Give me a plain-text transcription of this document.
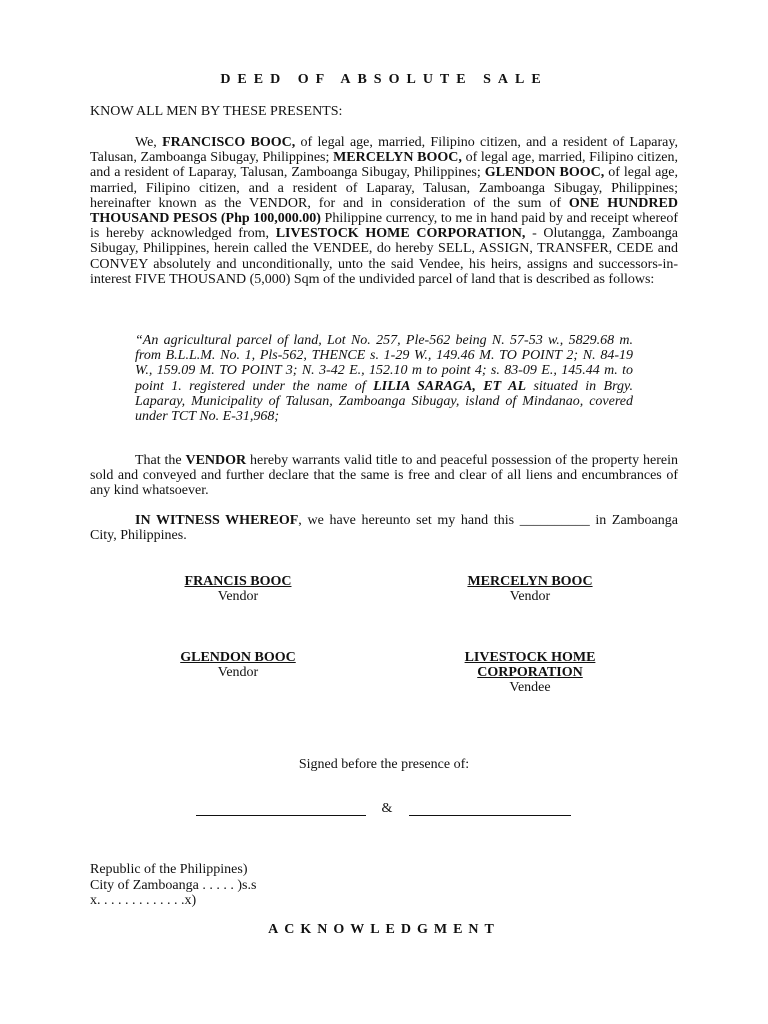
DEED OF ABSOLUTE SALE
KNOW ALL MEN BY THESE PRESENTS:
We, FRANCISCO BOOC, of legal age, married, Filipino citizen, and a resident of Laparay, Talusan, Zamboanga Sibugay, Philippines; MERCELYN BOOC, of legal age, married, Filipino citizen, and a resident of Laparay, Talusan, Zamboanga Sibugay, Philippines; GLENDON BOOC, of legal age, married, Filipino citizen, and a resident of Laparay, Talusan, Zamboanga Sibugay, Philippines; hereinafter known as the VENDOR, for and in consideration of the sum of ONE HUNDRED THOUSAND PESOS (Php 100,000.00) Philippine currency, to me in hand paid by and receipt whereof is hereby acknowledged from, LIVESTOCK HOME CORPORATION, - Olutangga, Zamboanga Sibugay, Philippines, herein called the VENDEE, do hereby SELL, ASSIGN, TRANSFER, CEDE and CONVEY absolutely and unconditionally, unto the said Vendee, his heirs, assigns and successors-in-interest FIVE THOUSAND (5,000) Sqm of the undivided parcel of land that is described as follows:
“An agricultural parcel of land, Lot No. 257, Ple-562 being N. 57-53 w., 5829.68 m. from B.L.L.M. No. 1, Pls-562, THENCE s. 1-29 W., 149.46 M. TO POINT 2; N. 84-19 W., 159.09 M. TO POINT 3; N. 3-42 E., 152.10 m to point 4; s. 83-09 E., 145.44 m. to point 1. registered under the name of LILIA SARAGA, ET AL situated in Brgy. Laparay, Municipality of Talusan, Zamboanga Sibugay, island of Mindanao, covered under TCT No. E-31,968;
That the VENDOR hereby warrants valid title to and peaceful possession of the property herein sold and conveyed and further declare that the same is free and clear of all liens and encumbrances of any kind whatsoever.
IN WITNESS WHEREOF, we have hereunto set my hand this __________ in Zamboanga City, Philippines.
FRANCIS BOOC
Vendor
MERCELYN BOOC
Vendor
GLENDON BOOC
Vendor
LIVESTOCK HOME
CORPORATION
Vendee
Signed before the presence of:
&
Republic of the Philippines)
City of Zamboanga . . . . . )s.s
x. . . . . . . . . . . . .x)
ACKNOWLEDGMENT
